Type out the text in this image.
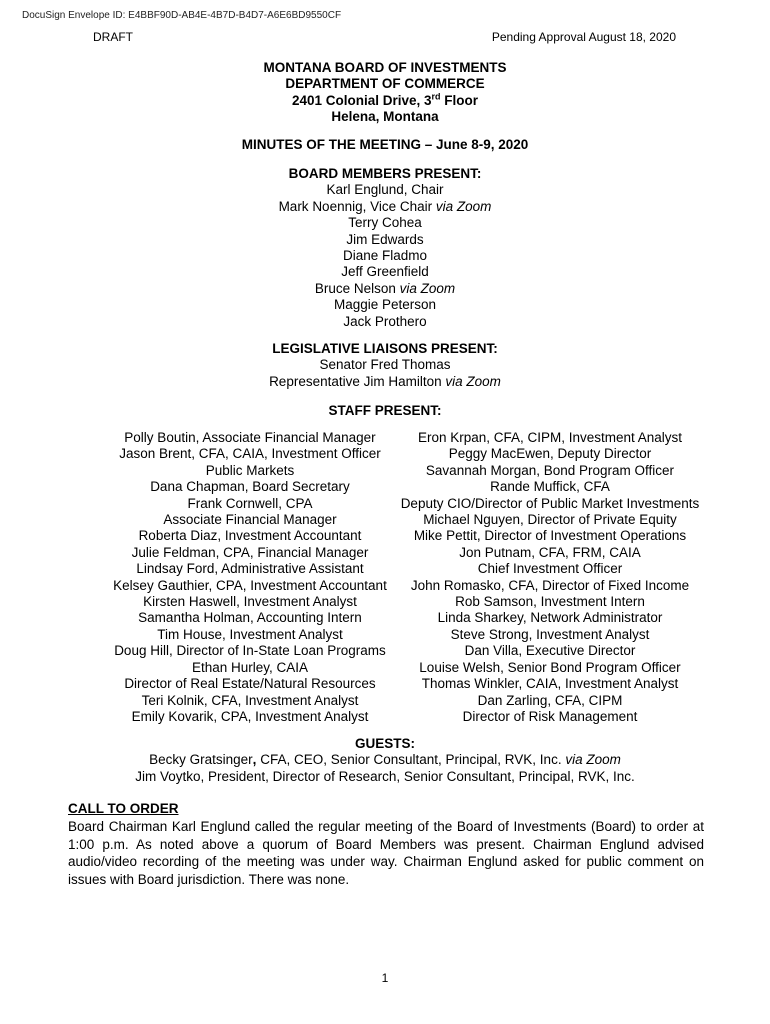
DocuSign Envelope ID: E4BBF90D-AB4E-4B7D-B4D7-A6E6BD9550CF
DRAFT	Pending Approval August 18, 2020
MONTANA BOARD OF INVESTMENTS
DEPARTMENT OF COMMERCE
2401 Colonial Drive, 3rd Floor
Helena, Montana
MINUTES OF THE MEETING – June 8-9, 2020
BOARD MEMBERS PRESENT:
Karl Englund, Chair
Mark Noennig, Vice Chair via Zoom
Terry Cohea
Jim Edwards
Diane Fladmo
Jeff Greenfield
Bruce Nelson via Zoom
Maggie Peterson
Jack Prothero
LEGISLATIVE LIAISONS PRESENT:
Senator Fred Thomas
Representative Jim Hamilton via Zoom
STAFF PRESENT:
Polly Boutin, Associate Financial Manager
Jason Brent, CFA, CAIA, Investment Officer
Public Markets
Dana Chapman, Board Secretary
Frank Cornwell, CPA
Associate Financial Manager
Roberta Diaz, Investment Accountant
Julie Feldman, CPA, Financial Manager
Lindsay Ford, Administrative Assistant
Kelsey Gauthier, CPA, Investment Accountant
Kirsten Haswell, Investment Analyst
Samantha Holman, Accounting Intern
Tim House, Investment Analyst
Doug Hill, Director of In-State Loan Programs
Ethan Hurley, CAIA
Director of Real Estate/Natural Resources
Teri Kolnik, CFA, Investment Analyst
Emily Kovarik, CPA, Investment Analyst
Eron Krpan, CFA, CIPM, Investment Analyst
Peggy MacEwen, Deputy Director
Savannah Morgan, Bond Program Officer
Rande Muffick, CFA
Deputy CIO/Director of Public Market Investments
Michael Nguyen, Director of Private Equity
Mike Pettit, Director of Investment Operations
Jon Putnam, CFA, FRM, CAIA
Chief Investment Officer
John Romasko, CFA, Director of Fixed Income
Rob Samson, Investment Intern
Linda Sharkey, Network Administrator
Steve Strong, Investment Analyst
Dan Villa, Executive Director
Louise Welsh, Senior Bond Program Officer
Thomas Winkler, CAIA, Investment Analyst
Dan Zarling, CFA, CIPM
Director of Risk Management
GUESTS:
Becky Gratsinger, CFA, CEO, Senior Consultant, Principal, RVK, Inc. via Zoom
Jim Voytko, President, Director of Research, Senior Consultant, Principal, RVK, Inc.
CALL TO ORDER
Board Chairman Karl Englund called the regular meeting of the Board of Investments (Board) to order at 1:00 p.m. As noted above a quorum of Board Members was present. Chairman Englund advised audio/video recording of the meeting was under way. Chairman Englund asked for public comment on issues with Board jurisdiction. There was none.
1
